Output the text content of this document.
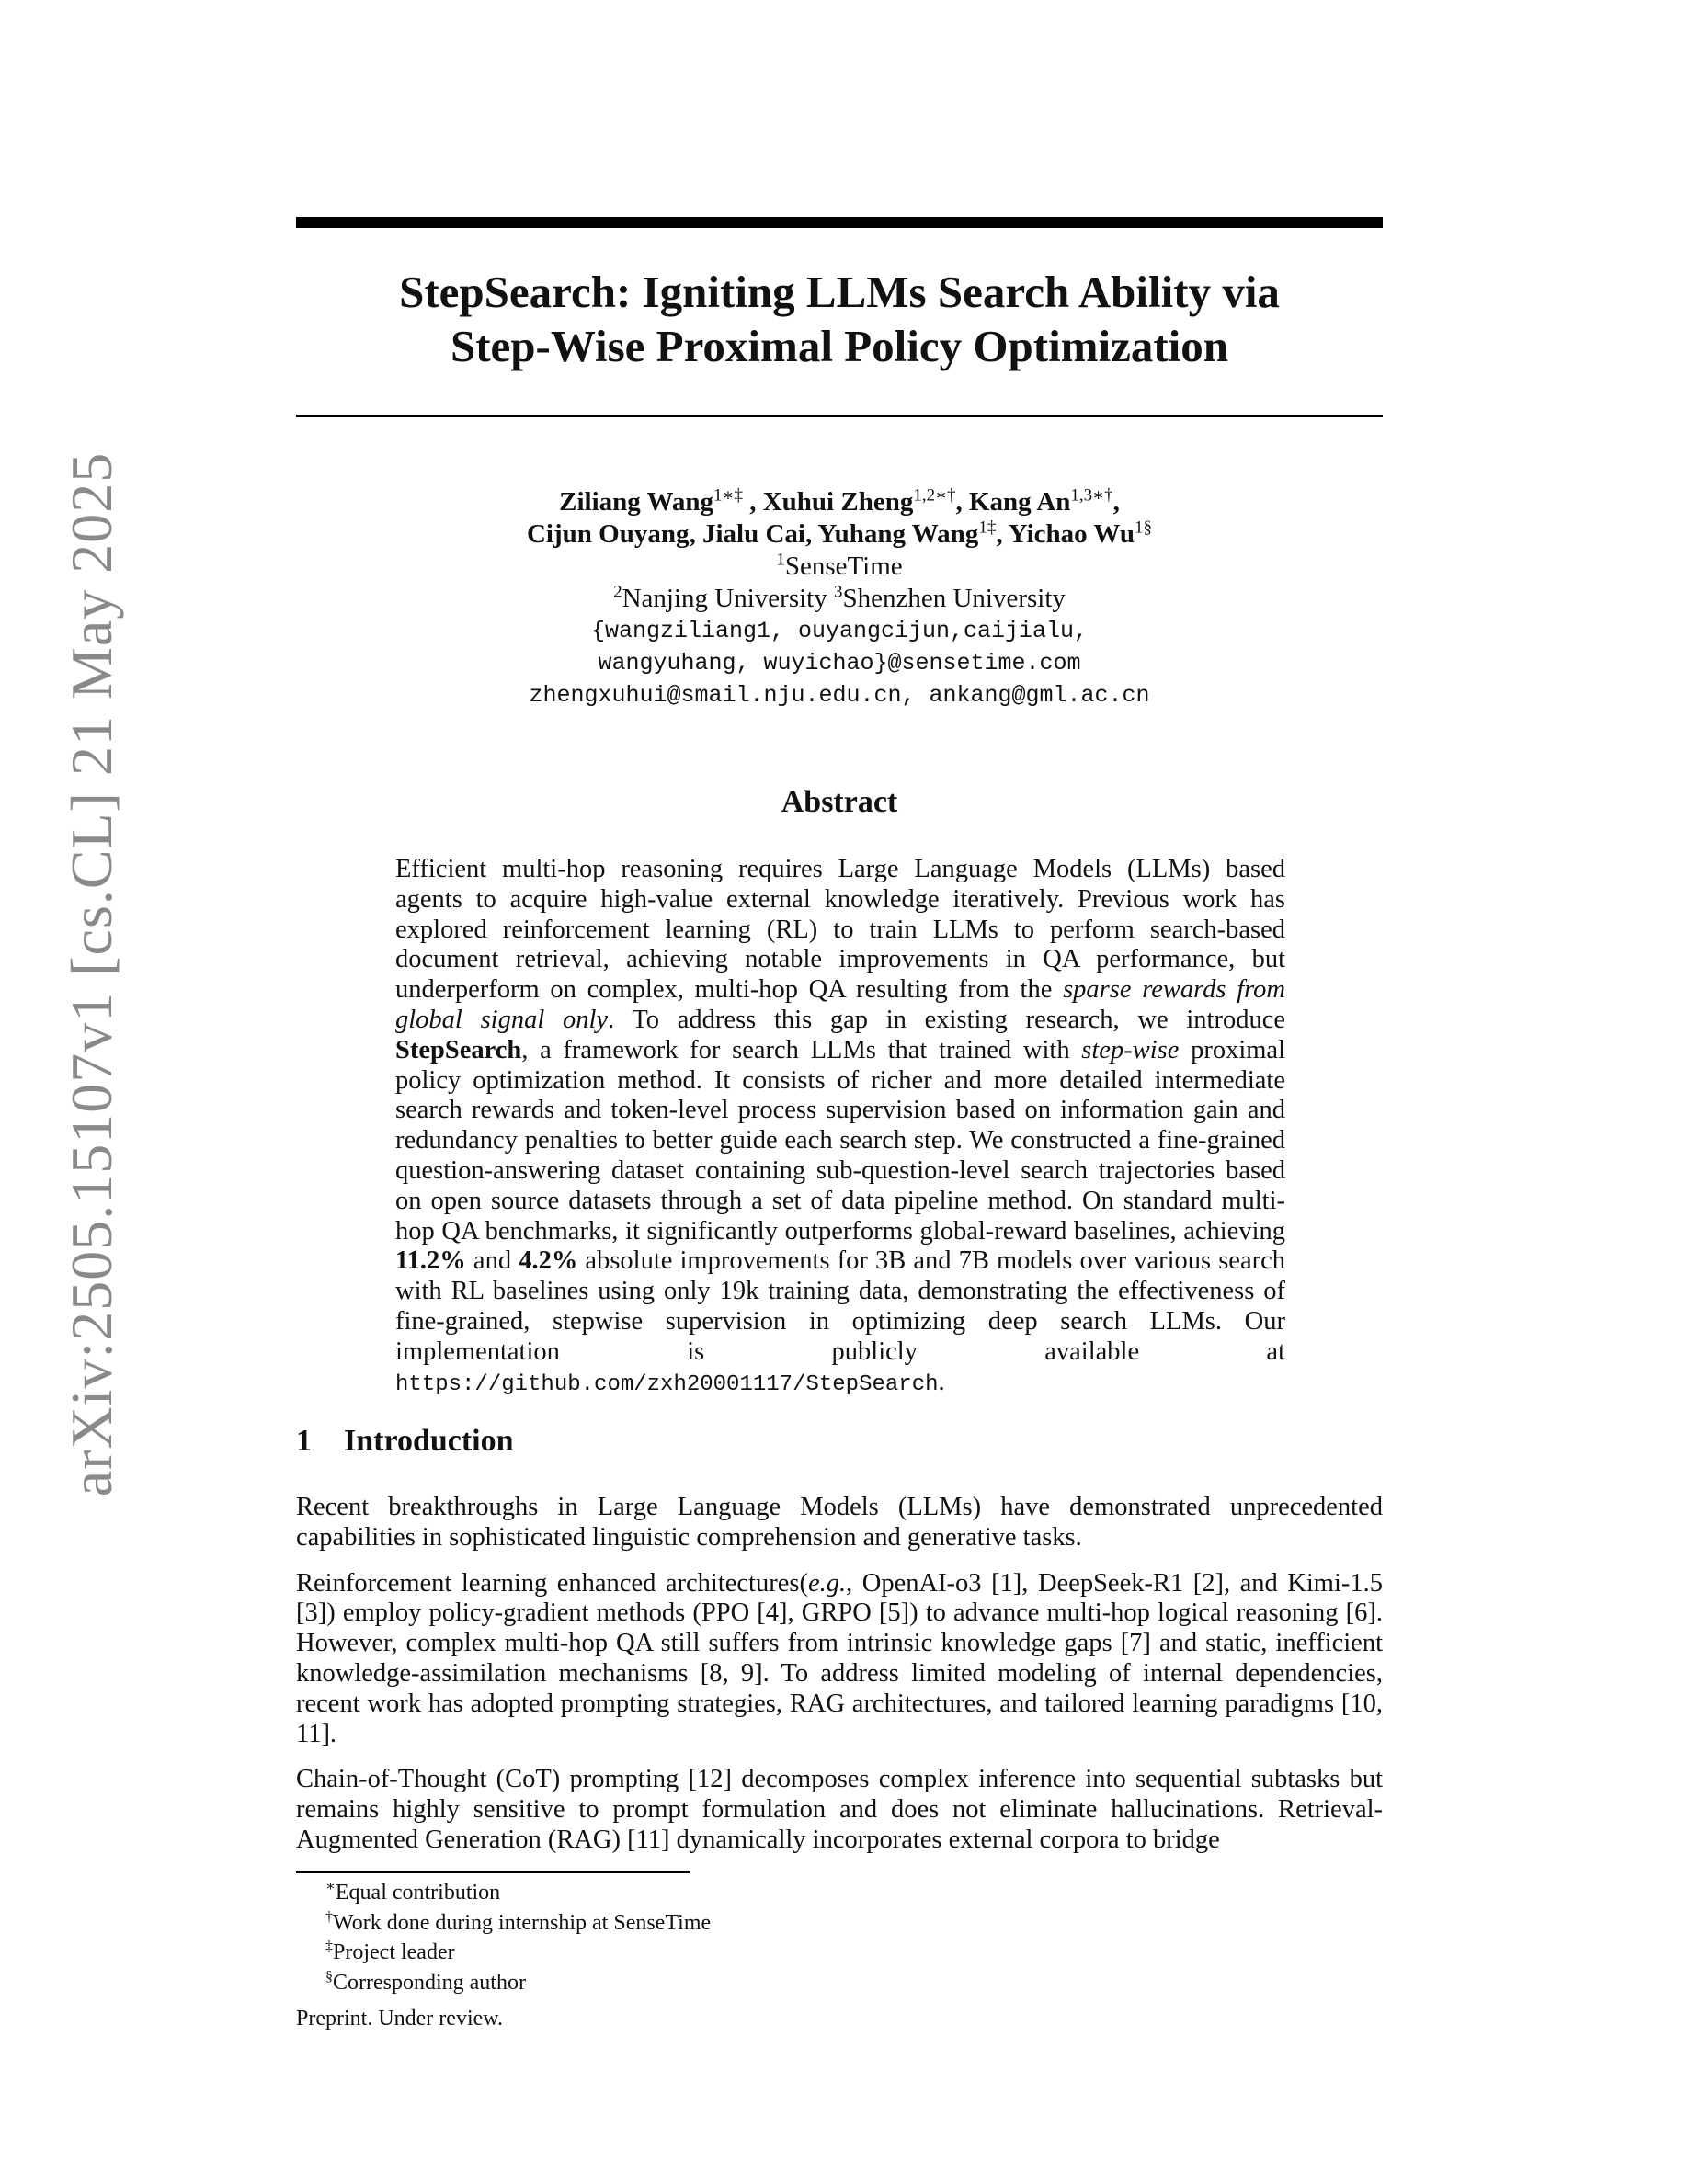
arXiv:2505.15107v1 [cs.CL] 21 May 2025
StepSearch: Igniting LLMs Search Ability via
Step-Wise Proximal Policy Optimization
Ziliang Wang$^{1∗\ddagger}$ , Xuhui Zheng$^{1,2∗\dagger}$, Kang $An^{1,3∗\dagger}$,
Cijun Ouyang, Jialu Cai, Yuhang Wang$^{1\ddagger}$, Yichao $Wu^{1\S}$
$^1$SenseTime
$^2$Nanjing University $^3$Shenzhen University
{wangziliang1, ouyangcijun,caijialu,
wangyuhang, wuyichao}@sensetime.com
zhengxuhui@smail.nju.edu.cn, ankang@gml.ac.cn
Abstract
Efficient multi-hop reasoning requires Large Language Models (LLMs) based agents to acquire high-value external knowledge iteratively. Previous work has explored reinforcement learning (RL) to train LLMs to perform search-based document retrieval, achieving notable improvements in QA performance, but underperform on complex, multi-hop QA resulting from the sparse rewards from global signal only. To address this gap in existing research, we introduce StepSearch, a framework for search LLMs that trained with step-wise proximal policy optimization method. It consists of richer and more detailed intermediate search rewards and token-level process supervision based on information gain and redundancy penalties to better guide each search step. We constructed a fine-grained question-answering dataset containing sub-question-level search trajectories based on open source datasets through a set of data pipeline method. On standard multi-hop QA benchmarks, it significantly outperforms global-reward baselines, achieving 11.2% and 4.2% absolute improvements for 3B and 7B models over various search with RL baselines using only 19k training data, demonstrating the effectiveness of fine-grained, stepwise supervision in optimizing deep search LLMs. Our implementation is publicly available at https://github.com/zxh20001117/StepSearch.
1 Introduction

Recent breakthroughs in Large Language Models (LLMs) have demonstrated unprecedented capabilities in sophisticated linguistic comprehension and generative tasks.

Reinforcement learning enhanced architectures(e.g., OpenAI-o3 [1], DeepSeek-R1 [2], and Kimi-1.5 [3]) employ policy-gradient methods (PPO [4], GRPO [5]) to advance multi-hop logical reasoning [6]. However, complex multi-hop QA still suffers from intrinsic knowledge gaps [7] and static, inefficient knowledge-assimilation mechanisms [8, 9]. To address limited modeling of internal dependencies, recent work has adopted prompting strategies, RAG architectures, and tailored learning paradigms [10, 11].

Chain-of-Thought (CoT) prompting [12] decomposes complex inference into sequential subtasks but remains highly sensitive to prompt formulation and does not eliminate hallucinations. Retrieval-Augmented Generation (RAG) [11] dynamically incorporates external corpora to bridge

∗Equal contribution
†Work done during internship at SenseTime
‡Project leader
§Corresponding author
Preprint. Under review.
